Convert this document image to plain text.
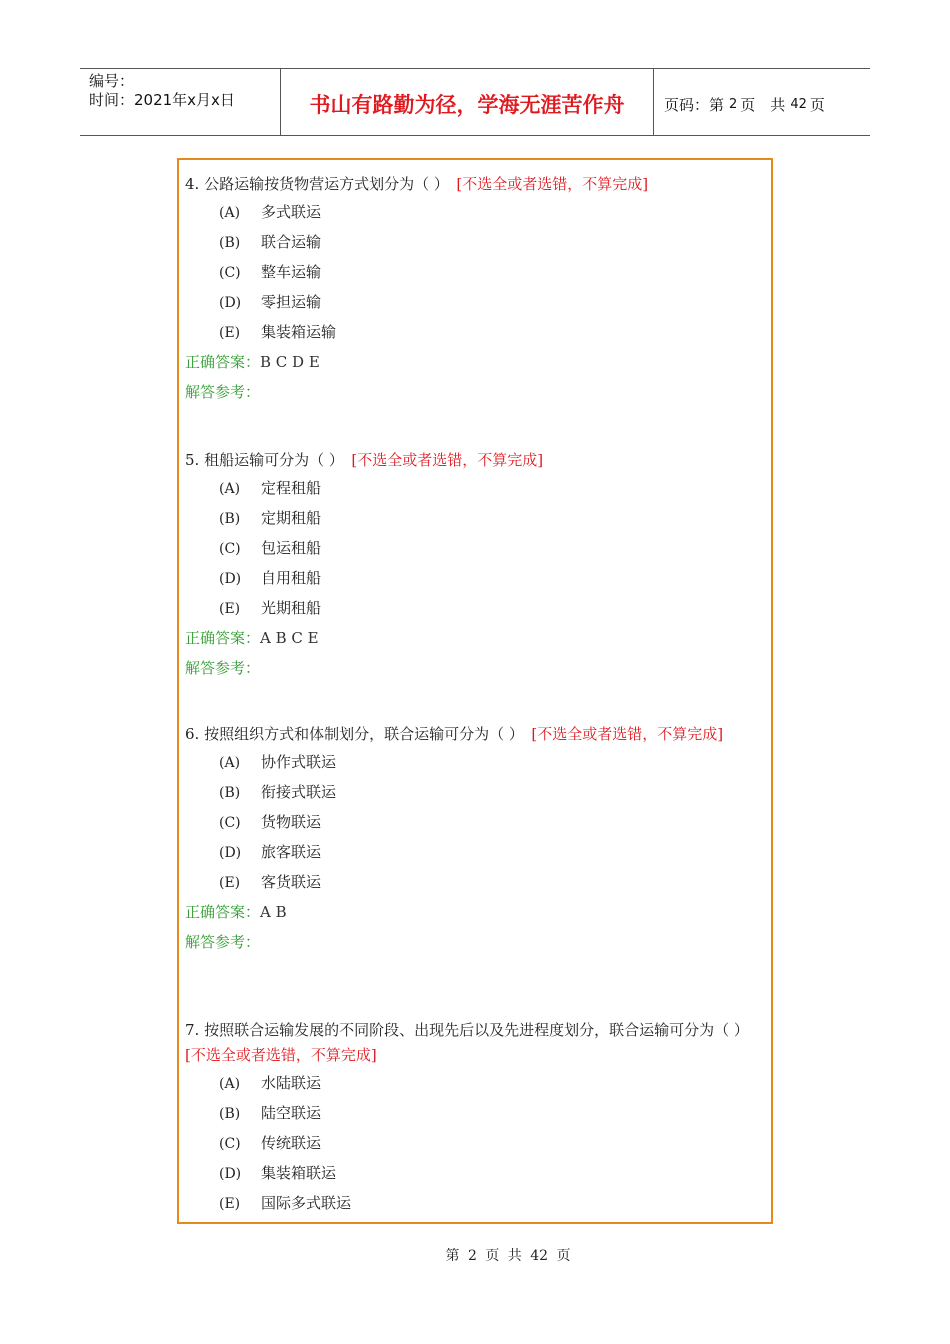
编号：
时间：2021年x月x日	书山有路勤为径，学海无涯苦作舟	页码：第 2 页　共 42 页

4. 公路运输按货物营运方式划分为（ ）　 [不选全或者选错，不算完成]

(A) 多式联运
(B) 联合运输
(C) 整车运输
(D) 零担运输
(E) 集装箱运输
正确答案：B C D E
解答参考：

5. 租船运输可分为（ ）　 [不选全或者选错，不算完成]

(A) 定程租船
(B) 定期租船
(C) 包运租船
(D) 自用租船
(E) 光期租船
正确答案：A B C E
解答参考：

6. 按照组织方式和体制划分，联合运输可分为（ ）　 [不选全或者选错，不算完成]

(A) 协作式联运
(B) 衔接式联运
(C) 货物联运
(D) 旅客联运
(E) 客货联运
正确答案：A B
解答参考：

7. 按照联合运输发展的不同阶段、出现先后以及先进程度划分，联合运输可分为（ ）　[不选全或者选错，不算完成]

(A) 水陆联运
(B) 陆空联运
(C) 传统联运
(D) 集装箱联运
(E) 国际多式联运
第 2 页 共 42 页
